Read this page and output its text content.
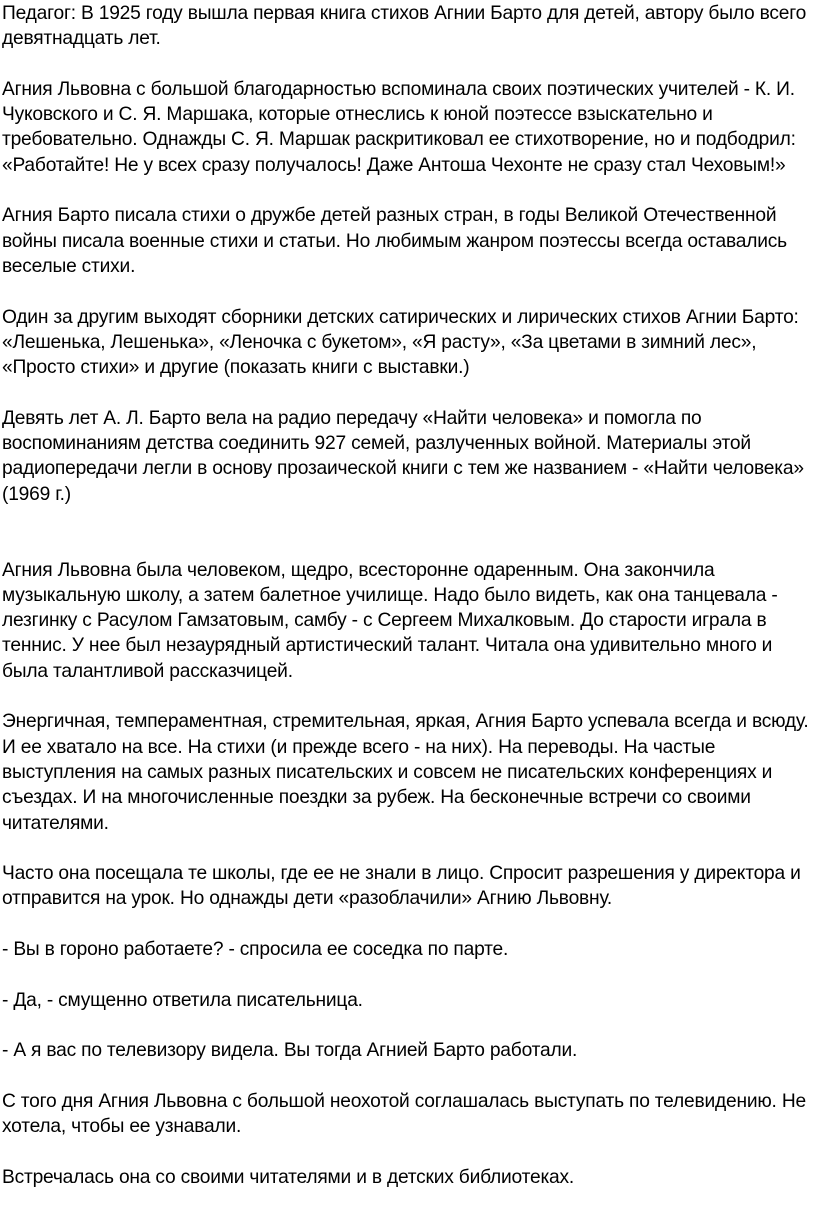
Педагог: В 1925 году вышла первая книга стихов Агнии Барто для детей, автору было всего девятнадцать лет.

Агния Львовна с большой благодарностью вспоминала своих поэтических учителей - К. И. Чуковского и С. Я. Маршака, которые отнеслись к юной поэтессе взыскательно и требовательно. Однажды С. Я. Маршак раскритиковал ее стихотворение, но и подбодрил: «Работайте! Не у всех сразу получалось! Даже Антоша Чехонте не сразу стал Чеховым!»

Агния Барто писала стихи о дружбе детей разных стран, в годы Великой Отечественной войны писала военные стихи и статьи. Но любимым жанром поэтессы всегда оставались веселые стихи.

Один за другим выходят сборники детских сатирических и лирических стихов Агнии Барто: «Лешенька, Лешенька», «Леночка с букетом», «Я расту», «За цветами в зимний лес», «Просто стихи» и другие (показать книги с выставки.)

Девять лет А. Л. Барто вела на радио передачу «Найти человека» и помогла по воспоминаниям детства соединить 927 семей, разлученных войной. Материалы этой радиопередачи легли в основу прозаической книги с тем же названием - «Найти человека» (1969 г.)

Агния Львовна была человеком, щедро, всесторонне одаренным. Она закончила музыкальную школу, а затем балетное училище. Надо было видеть, как она танцевала - лезгинку с Расулом Гамзатовым, самбу - с Сергеем Михалковым. До старости играла в теннис. У нее был незаурядный артистический талант. Читала она удивительно много и была талантливой рассказчицей.

Энергичная, темпераментная, стремительная, яркая, Агния Барто успевала всегда и всюду. И ее хватало на все. На стихи (и прежде всего - на них). На переводы. На частые выступления на самых разных писательских и совсем не писательских конференциях и съездах. И на многочисленные поездки за рубеж. На бесконечные встречи со своими читателями.

Часто она посещала те школы, где ее не знали в лицо. Спросит разрешения у директора и отправится на урок. Но однажды дети «разоблачили» Агнию Львовну.

- Вы в гороно работаете? - спросила ее соседка по парте.

- Да, - смущенно ответила писательница.

- А я вас по телевизору видела. Вы тогда Агнией Барто работали.

С того дня Агния Львовна с большой неохотой соглашалась выступать по телевидению. Не хотела, чтобы ее узнавали.

Встречалась она со своими читателями и в детских библиотеках.
